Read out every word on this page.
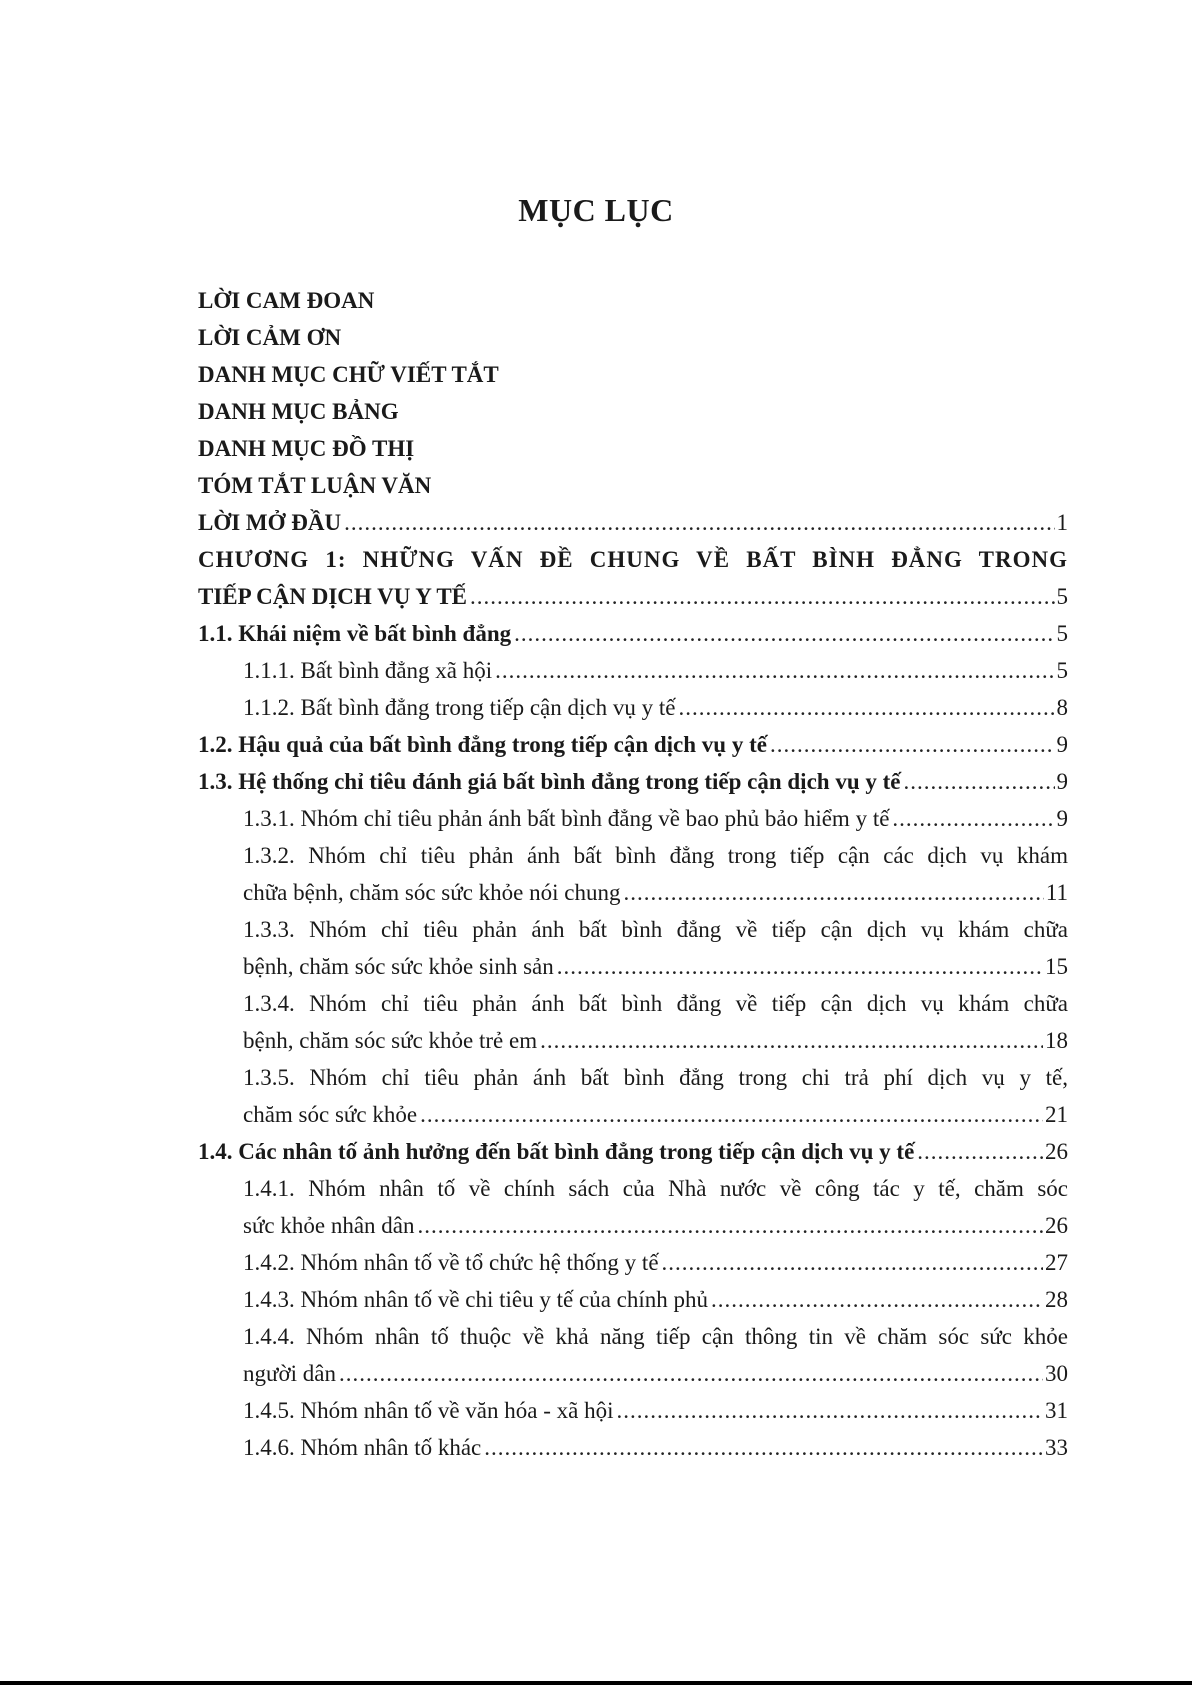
MỤC LỤC
LỜI CAM ĐOAN
LỜI CẢM ƠN
DANH MỤC CHỮ VIẾT TẮT
DANH MỤC BẢNG
DANH MỤC ĐỒ THỊ
TÓM TẮT LUẬN VĂN
LỜI MỞ ĐẦU .....	1
CHƯƠNG 1: NHỮNG VẤN ĐỀ CHUNG VỀ BẤT BÌNH ĐẲNG TRONG
TIẾP CẬN DỊCH VỤ Y TẾ .....	5
1.1. Khái niệm về bất bình đẳng .....	5
1.1.1. Bất bình đẳng xã hội .....	5
1.1.2. Bất bình đẳng trong tiếp cận dịch vụ y tế .....	8
1.2. Hậu quả của bất bình đẳng trong tiếp cận dịch vụ y tế .....	9
1.3. Hệ thống chỉ tiêu đánh giá bất bình đẳng trong tiếp cận dịch vụ y tế .....	9
1.3.1. Nhóm chỉ tiêu phản ánh bất bình đẳng về bao phủ bảo hiểm y tế .....	9
1.3.2. Nhóm chỉ tiêu phản ánh bất bình đẳng trong tiếp cận các dịch vụ khám
chữa bệnh, chăm sóc sức khỏe nói chung .....	11
1.3.3. Nhóm chỉ tiêu phản ánh bất bình đẳng về tiếp cận dịch vụ khám chữa
bệnh, chăm sóc sức khỏe sinh sản .....	15
1.3.4. Nhóm chỉ tiêu phản ánh bất bình đẳng về tiếp cận dịch vụ khám chữa
bệnh, chăm sóc sức khỏe trẻ em .....	18
1.3.5. Nhóm chỉ tiêu phản ánh bất bình đẳng trong chi trả phí dịch vụ y tế,
chăm sóc sức khỏe .....	21
1.4. Các nhân tố ảnh hưởng đến bất bình đẳng trong tiếp cận dịch vụ y tế .....	26
1.4.1. Nhóm nhân tố về chính sách của Nhà nước về công tác y tế, chăm sóc
sức khỏe nhân dân .....	26
1.4.2. Nhóm nhân tố về tổ chức hệ thống y tế .....	27
1.4.3. Nhóm nhân tố về chi tiêu y tế của chính phủ .....	28
1.4.4. Nhóm nhân tố thuộc về khả năng tiếp cận thông tin về chăm sóc sức khỏe
người dân .....	30
1.4.5. Nhóm nhân tố về văn hóa - xã hội .....	31
1.4.6. Nhóm nhân tố khác .....	33
